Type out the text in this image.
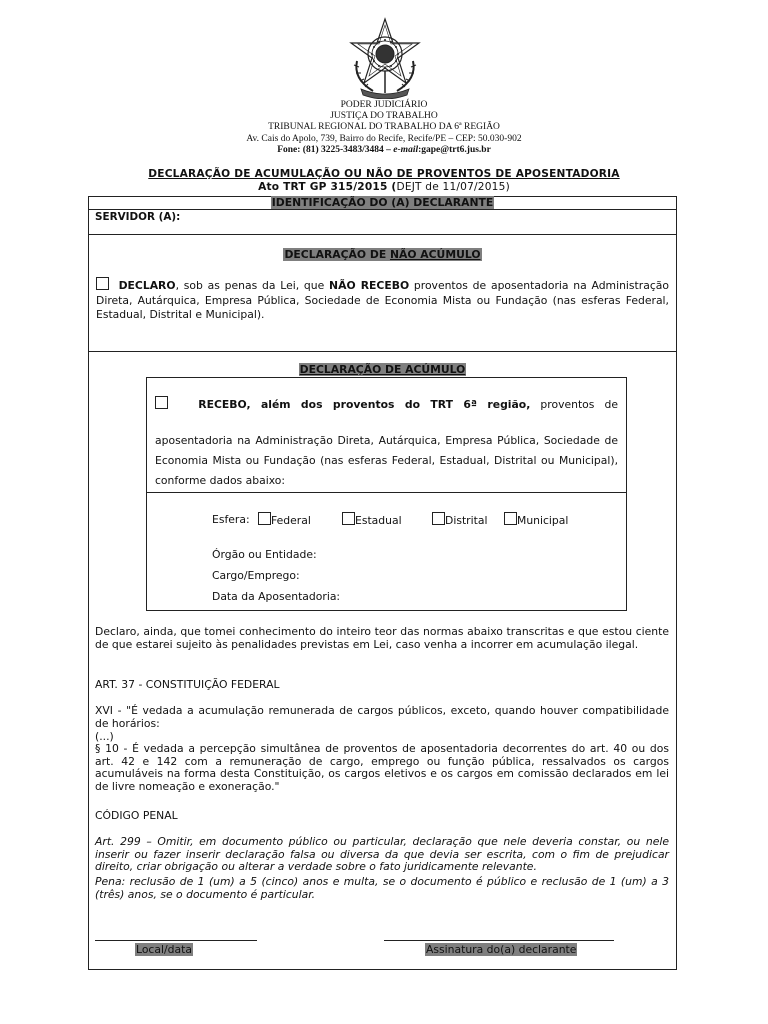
PODER JUDICIÁRIO
JUSTIÇA DO TRABALHO
TRIBUNAL REGIONAL DO TRABALHO DA 6ª REGIÃO
Av. Cais do Apolo, 739, Bairro do Recife, Recife/PE – CEP: 50.030-902
Fone: (81) 3225-3483/3484 – e-mail:gape@trt6.jus.br
DECLARAÇÃO DE ACUMULAÇÃO OU NÃO DE PROVENTOS DE APOSENTADORIA
Ato TRT GP 315/2015 (DEJT de 11/07/2015)
IDENTIFICAÇÃO DO (A) DECLARANTE
SERVIDOR (A):
DECLARAÇÃO DE NÃO ACÚMULO
DECLARO, sob as penas da Lei, que NÃO RECEBO proventos de aposentadoria na Administração Direta, Autárquica, Empresa Pública, Sociedade de Economia Mista ou Fundação (nas esferas Federal, Estadual, Distrital e Municipal).
DECLARAÇÃO DE ACÚMULO
RECEBO, além dos proventos do TRT 6ª região, proventos de
aposentadoria na Administração Direta, Autárquica, Empresa Pública, Sociedade de Economia Mista ou Fundação (nas esferas Federal, Estadual, Distrital ou Municipal), conforme dados abaixo:
Esfera:	Federal	Estadual	Distrital	Municipal
Órgão ou Entidade:
Cargo/Emprego:
Data da Aposentadoria:
Declaro, ainda, que tomei conhecimento do inteiro teor das normas abaixo transcritas e que estou ciente de que estarei sujeito às penalidades previstas em Lei, caso venha a incorrer em acumulação ilegal.
ART. 37 - CONSTITUIÇÃO FEDERAL
XVI - "É vedada a acumulação remunerada de cargos públicos, exceto, quando houver compatibilidade de horários:
(...)
§ 10 - É vedada a percepção simultânea de proventos de aposentadoria decorrentes do art. 40 ou dos art. 42 e 142 com a remuneração de cargo, emprego ou função pública, ressalvados os cargos acumuláveis na forma desta Constituição, os cargos eletivos e os cargos em comissão declarados em lei de livre nomeação e exoneração."
CÓDIGO PENAL
Art. 299 – Omitir, em documento público ou particular, declaração que nele deveria constar, ou nele inserir ou fazer inserir declaração falsa ou diversa da que devia ser escrita, com o fim de prejudicar direito, criar obrigação ou alterar a verdade sobre o fato juridicamente relevante.
Pena: reclusão de 1 (um) a 5 (cinco) anos e multa, se o documento é público e reclusão de 1 (um) a 3 (três) anos, se o documento é particular.
Local/data	Assinatura do(a) declarante
